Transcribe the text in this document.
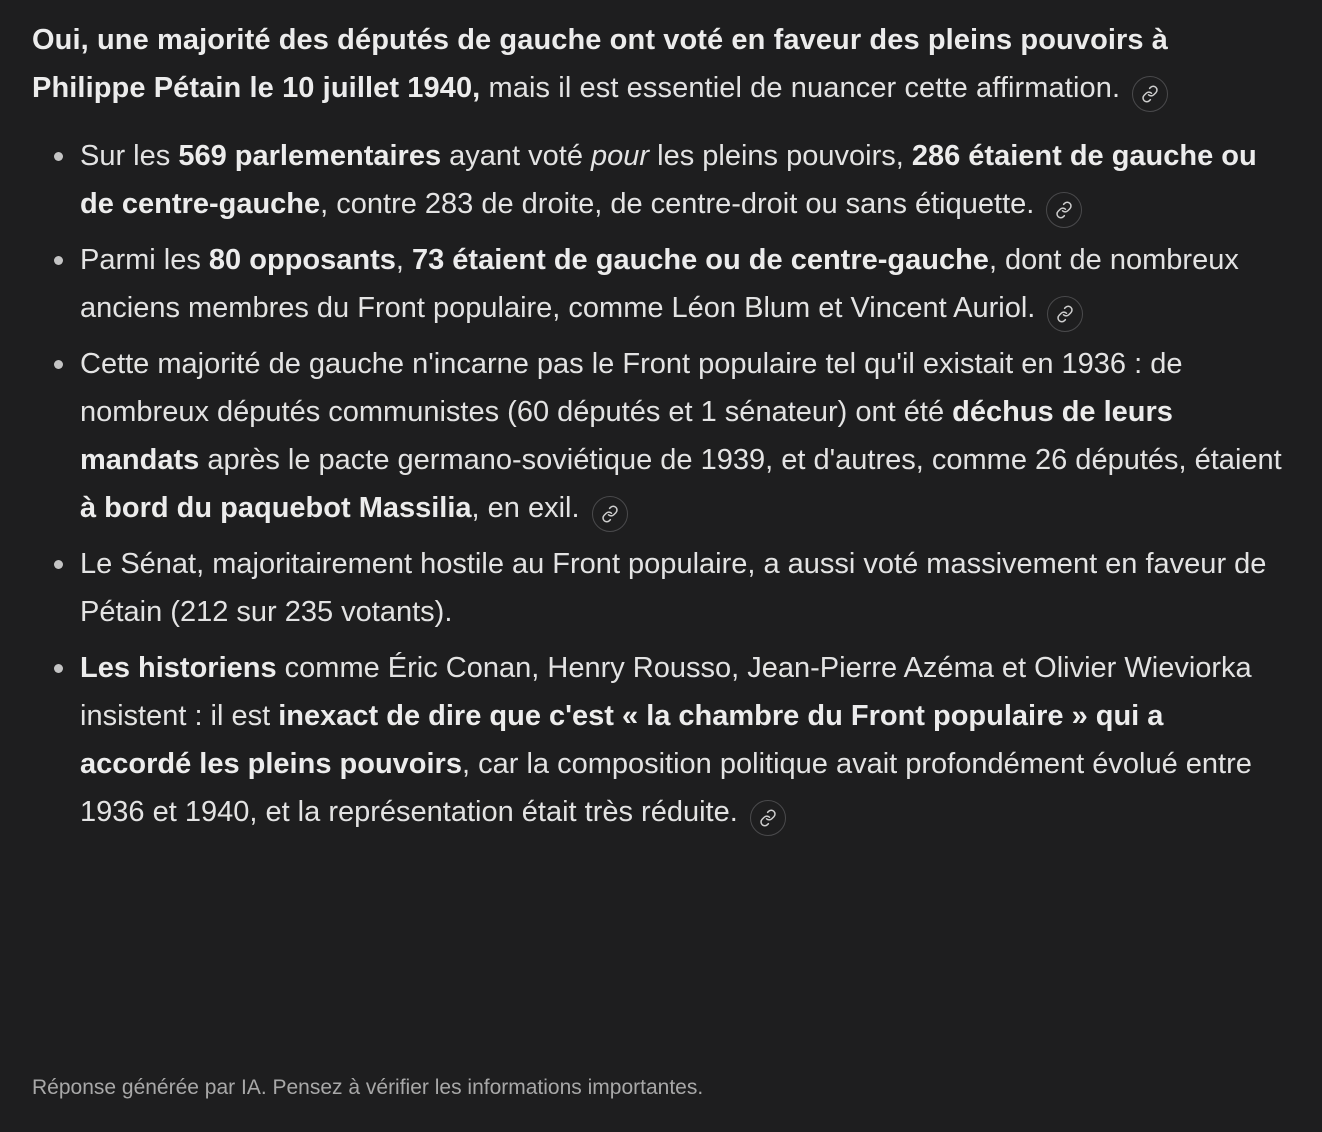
Oui, une majorité des députés de gauche ont voté en faveur des pleins pouvoirs à Philippe Pétain le 10 juillet 1940, mais il est essentiel de nuancer cette affirmation.

Sur les 569 parlementaires ayant voté pour les pleins pouvoirs, 286 étaient de gauche ou de centre-gauche, contre 283 de droite, de centre-droit ou sans étiquette.
Parmi les 80 opposants, 73 étaient de gauche ou de centre-gauche, dont de nombreux anciens membres du Front populaire, comme Léon Blum et Vincent Auriol.
Cette majorité de gauche n'incarne pas le Front populaire tel qu'il existait en 1936 : de nombreux députés communistes (60 députés et 1 sénateur) ont été déchus de leurs mandats après le pacte germano-soviétique de 1939, et d'autres, comme 26 députés, étaient à bord du paquebot Massilia, en exil.
Le Sénat, majoritairement hostile au Front populaire, a aussi voté massivement en faveur de Pétain (212 sur 235 votants).
Les historiens comme Éric Conan, Henry Rousso, Jean-Pierre Azéma et Olivier Wieviorka insistent : il est inexact de dire que c'est « la chambre du Front populaire » qui a accordé les pleins pouvoirs, car la composition politique avait profondément évolué entre 1936 et 1940, et la représentation était très réduite.

Réponse générée par IA. Pensez à vérifier les informations importantes.
